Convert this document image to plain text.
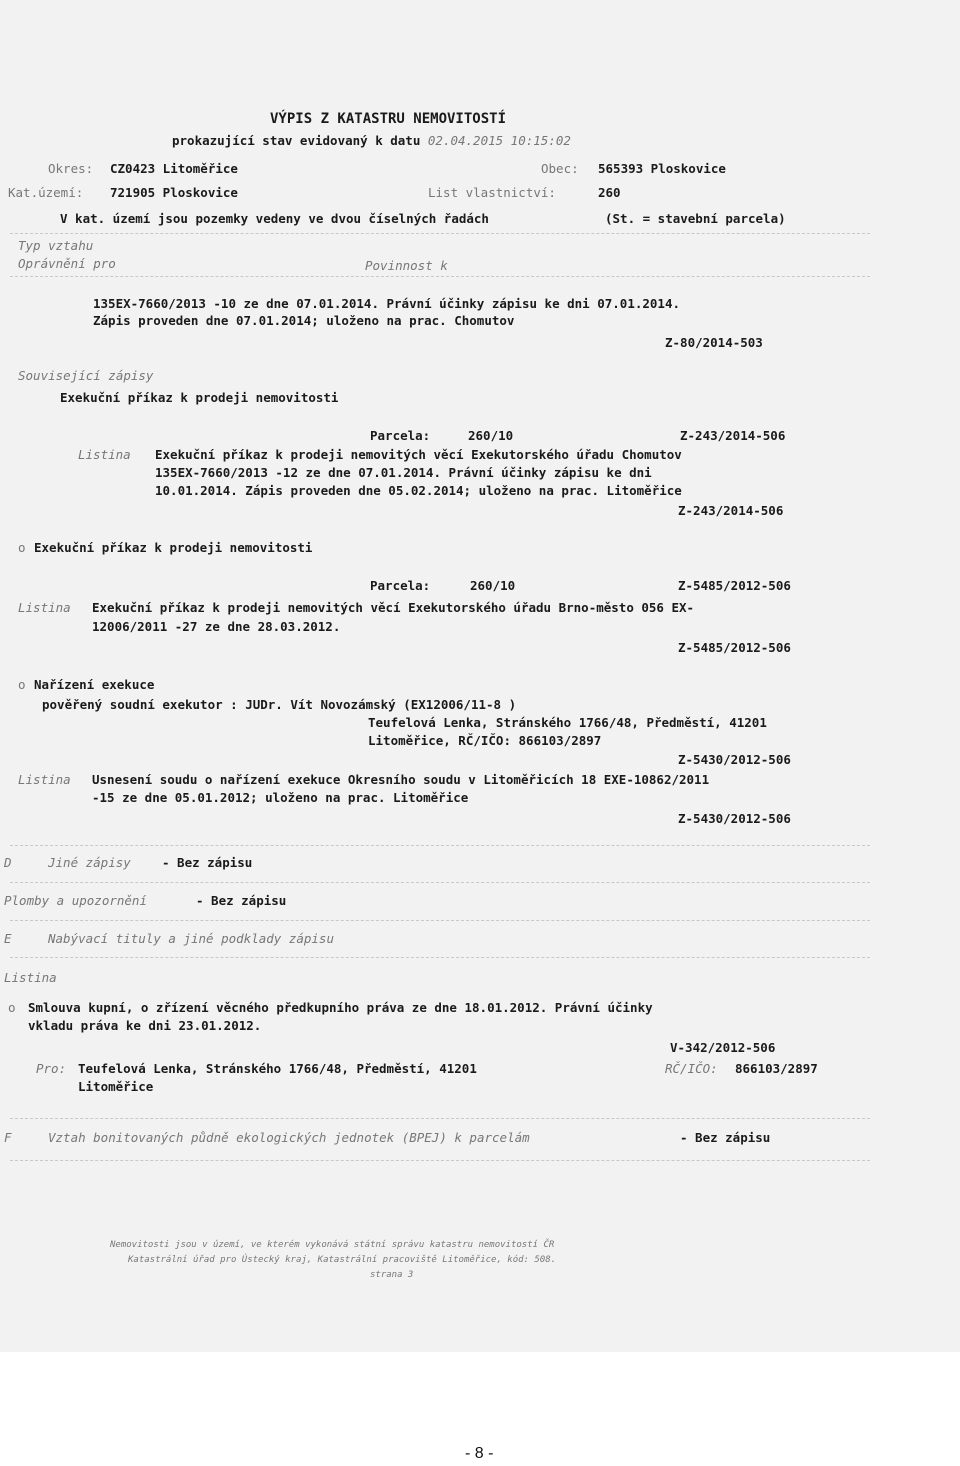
VÝPIS Z KATASTRU NEMOVITOSTÍ
prokazující stav evidovaný k datu 02.04.2015 10:15:02
Okres: CZ0423 Litoměřice	Obec: 565393 Ploskovice
Kat.území: 721905 Ploskovice	List vlastnictví:	260
V kat. území jsou pozemky vedeny ve dvou číselných řadách	(St. = stavební parcela)
Typ vztahu
Oprávnění pro	Povinnost k
135EX-7660/2013 -10 ze dne 07.01.2014. Právní účinky zápisu ke dni 07.01.2014.
Zápis proveden dne 07.01.2014; uloženo na prac. Chomutov
Z-80/2014-503
Související zápisy
Exekuční příkaz k prodeji nemovitosti
Parcela:	260/10	Z-243/2014-506
Listina Exekuční příkaz k prodeji nemovitých věcí Exekutorského úřadu Chomutov
135EX-7660/2013 -12 ze dne 07.01.2014. Právní účinky zápisu ke dni
10.01.2014. Zápis proveden dne 05.02.2014; uloženo na prac. Litoměřice
Z-243/2014-506
o Exekuční příkaz k prodeji nemovitosti
Parcela:	260/10	Z-5485/2012-506
Listina Exekuční příkaz k prodeji nemovitých věcí Exekutorského úřadu Brno-město 056 EX-
12006/2011 -27 ze dne 28.03.2012.
Z-5485/2012-506
o Nařízení exekuce
pověřený soudní exekutor : JUDr. Vít Novozámský (EX12006/11-8 )
Teufelová Lenka, Stránského 1766/48, Předměstí, 41201
Litoměřice, RČ/IČO: 866103/2897
Z-5430/2012-506
Listina Usnesení soudu o nařízení exekuce Okresního soudu v Litoměřicích 18 EXE-10862/2011
-15 ze dne 05.01.2012; uloženo na prac. Litoměřice
Z-5430/2012-506
D	Jiné zápisy - Bez zápisu
Plomby a upozornění	- Bez zápisu
E	Nabývací tituly a jiné podklady zápisu
Listina
o Smlouva kupní, o zřízení věcného předkupního práva ze dne 18.01.2012. Právní účinky
vkladu práva ke dni 23.01.2012.
V-342/2012-506
Pro: Teufelová Lenka, Stránského 1766/48, Předměstí, 41201
Litoměřice
RČ/IČO: 866103/2897
F	Vztah bonitovaných půdně ekologických jednotek (BPEJ) k parcelám	- Bez zápisu
Nemovitosti jsou v území, ve kterém vykonává státní správu katastru nemovitostí ČR
Katastrální úřad pro Ústecký kraj, Katastrální pracoviště Litoměřice, kód: 508.
strana 3
- 8 -
